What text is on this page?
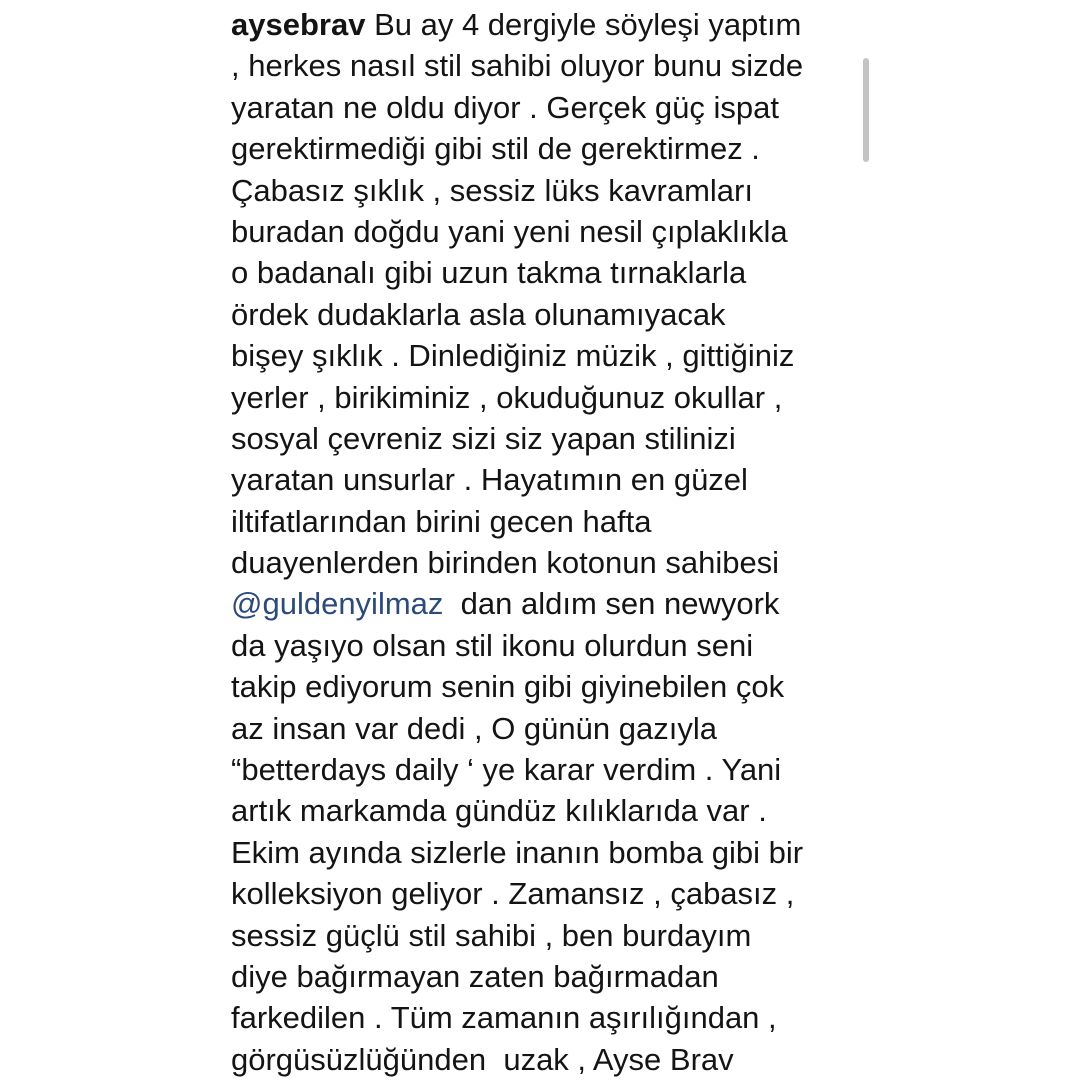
aysebrav Bu ay 4 dergiyle söyleşi yaptım
, herkes nasıl stil sahibi oluyor bunu sizde
yaratan ne oldu diyor . Gerçek güç ispat
gerektirmediği gibi stil de gerektirmez .
Çabasız şıklık , sessiz lüks kavramları
buradan doğdu yani yeni nesil çıplaklıkla
o badanalı gibi uzun takma tırnaklarla
ördek dudaklarla asla olunamıyacak
bişey şıklık . Dinlediğiniz müzik , gittiğiniz
yerler , birikiminiz , okuduğunuz okullar ,
sosyal çevreniz sizi siz yapan stilinizi
yaratan unsurlar . Hayatımın en güzel
iltifatlarından birini gecen hafta
duayenlerden birinden kotonun sahibesi
@guldenyilmaz  dan aldım sen newyork
da yaşıyo olsan stil ikonu olurdun seni
takip ediyorum senin gibi giyinebilen çok
az insan var dedi , O günün gazıyla
“betterdays daily ‘ ye karar verdim . Yani
artık markamda gündüz kılıklarıda var .
Ekim ayında sizlerle inanın bomba gibi bir
kolleksiyon geliyor . Zamansız , çabasız ,
sessiz güçlü stil sahibi , ben burdayım
diye bağırmayan zaten bağırmadan
farkedilen . Tüm zamanın aşırılığından ,
görgüsüzlüğünden  uzak , Ayse Brav
